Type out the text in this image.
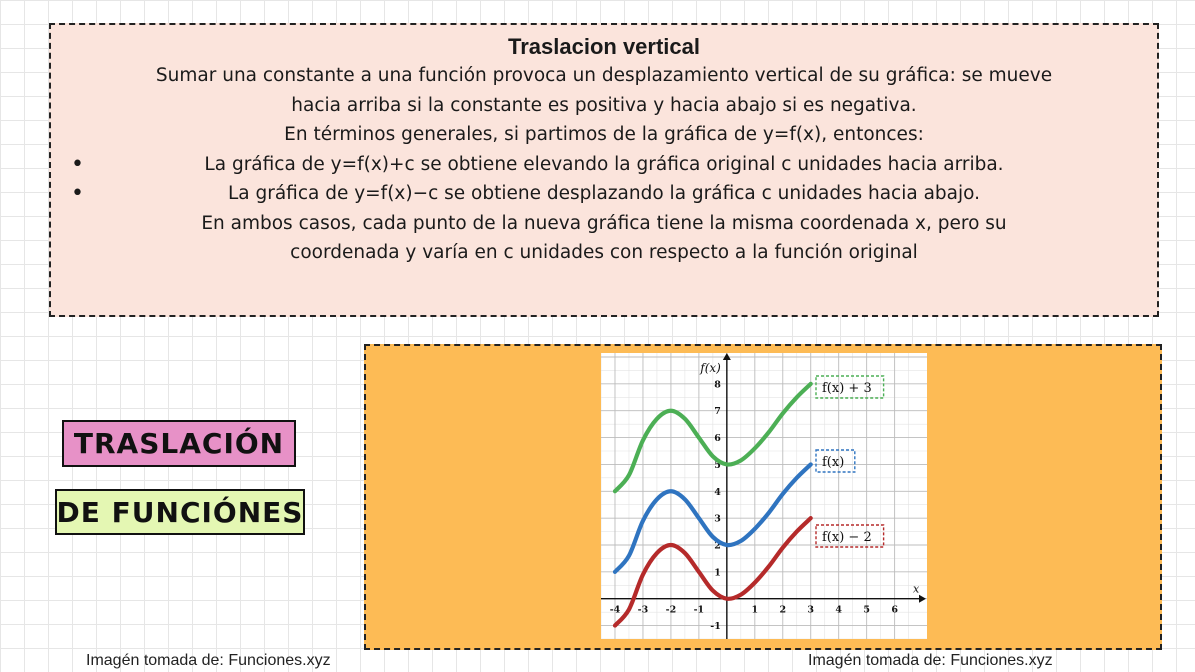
Traslacion vertical
Sumar una constante a una función provoca un desplazamiento vertical de su gráfica: se mueve
hacia arriba si la constante es positiva y hacia abajo si es negativa.
En términos generales, si partimos de la gráfica de y=f(x), entonces:
•	La gráfica de y=f(x)+c se obtiene elevando la gráfica original c unidades hacia arriba.
•	La gráfica de y=f(x)−c se obtiene desplazando la gráfica c unidades hacia abajo.
En ambos casos, cada punto de la nueva gráfica tiene la misma coordenada x, pero su
coordenada y varía en c unidades con respecto a la función original
TRASLACIÓN
DE FUNCIÓNES
x
f(x)
-4 -3 -2 -1	1 2 3 4 5 6
-1
1
2
3
4
5
6
7
8	f(x) + 3
f(x)
f(x) − 2
Imagén tomada de: Funciones.xyz	Imagén tomada de: Funciones.xyz
